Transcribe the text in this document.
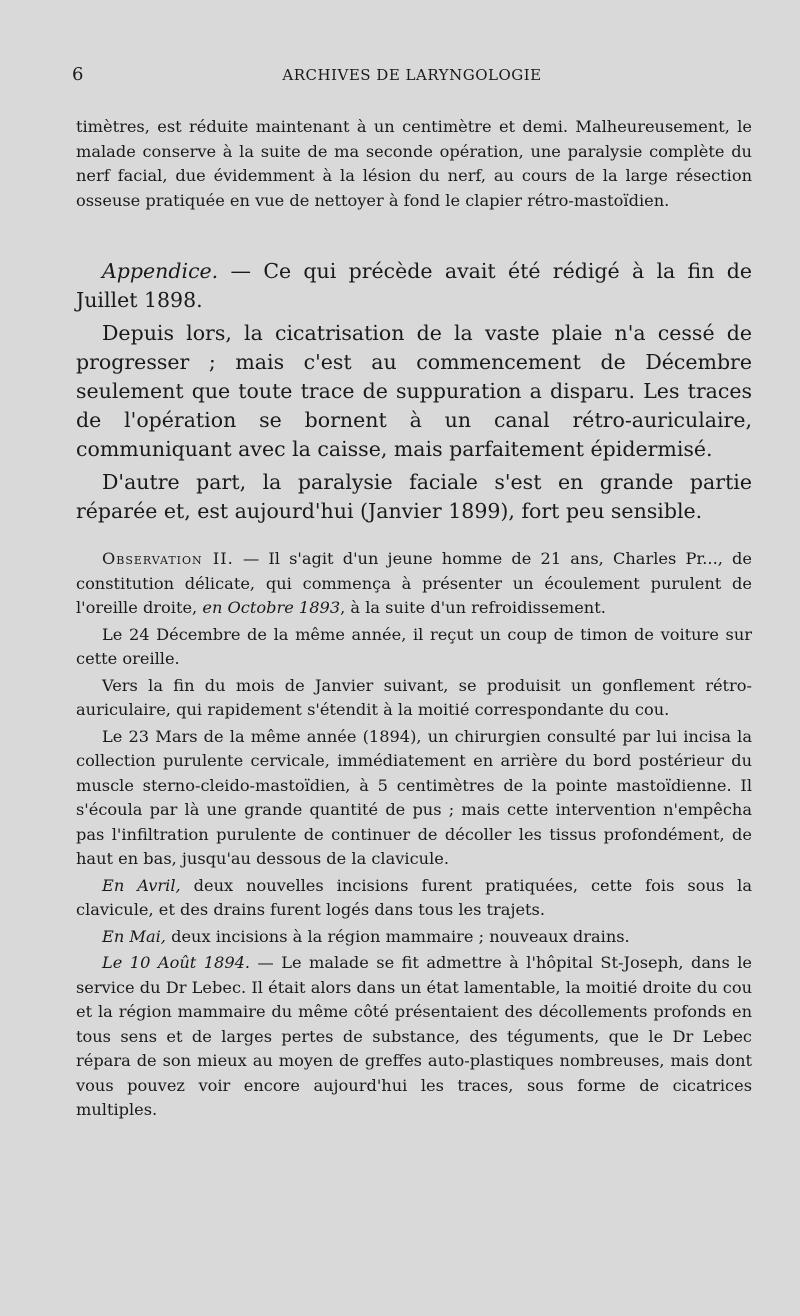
6	ARCHIVES DE LARYNGOLOGIE

timètres, est réduite maintenant à un centimètre et demi. Malheureusement, le malade conserve à la suite de ma seconde opération, une paralysie complète du nerf facial, due évidemment à la lésion du nerf, au cours de la large résection osseuse pratiquée en vue de nettoyer à fond le clapier rétro-mastoïdien.

Appendice. — Ce qui précède avait été rédigé à la fin de Juillet 1898.

Depuis lors, la cicatrisation de la vaste plaie n'a cessé de progresser ; mais c'est au commencement de Décembre seulement que toute trace de suppuration a disparu. Les traces de l'opération se bornent à un canal rétro-auriculaire, communiquant avec la caisse, mais parfaitement épidermisé.

D'autre part, la paralysie faciale s'est en grande partie réparée et, est aujourd'hui (Janvier 1899), fort peu sensible.

Observation II. — Il s'agit d'un jeune homme de 21 ans, Charles Pr..., de constitution délicate, qui commença à présenter un écoulement purulent de l'oreille droite, en Octobre 1893, à la suite d'un refroidissement.

Le 24 Décembre de la même année, il reçut un coup de timon de voiture sur cette oreille.

Vers la fin du mois de Janvier suivant, se produisit un gonflement rétro-auriculaire, qui rapidement s'étendit à la moitié correspondante du cou.

Le 23 Mars de la même année (1894), un chirurgien consulté par lui incisa la collection purulente cervicale, immédiatement en arrière du bord postérieur du muscle sterno-cleido-mastoïdien, à 5 centimètres de la pointe mastoïdienne. Il s'écoula par là une grande quantité de pus ; mais cette intervention n'empêcha pas l'infiltration purulente de continuer de décoller les tissus profondément, de haut en bas, jusqu'au dessous de la clavicule.

En Avril, deux nouvelles incisions furent pratiquées, cette fois sous la clavicule, et des drains furent logés dans tous les trajets.

En Mai, deux incisions à la région mammaire ; nouveaux drains.

Le 10 Août 1894. — Le malade se fit admettre à l'hôpital St-Joseph, dans le service du Dr Lebec. Il était alors dans un état lamentable, la moitié droite du cou et la région mammaire du même côté présentaient des décollements profonds en tous sens et de larges pertes de substance, des téguments, que le Dr Lebec répara de son mieux au moyen de greffes auto-plastiques nombreuses, mais dont vous pouvez voir encore aujourd'hui les traces, sous forme de cicatrices multiples.
